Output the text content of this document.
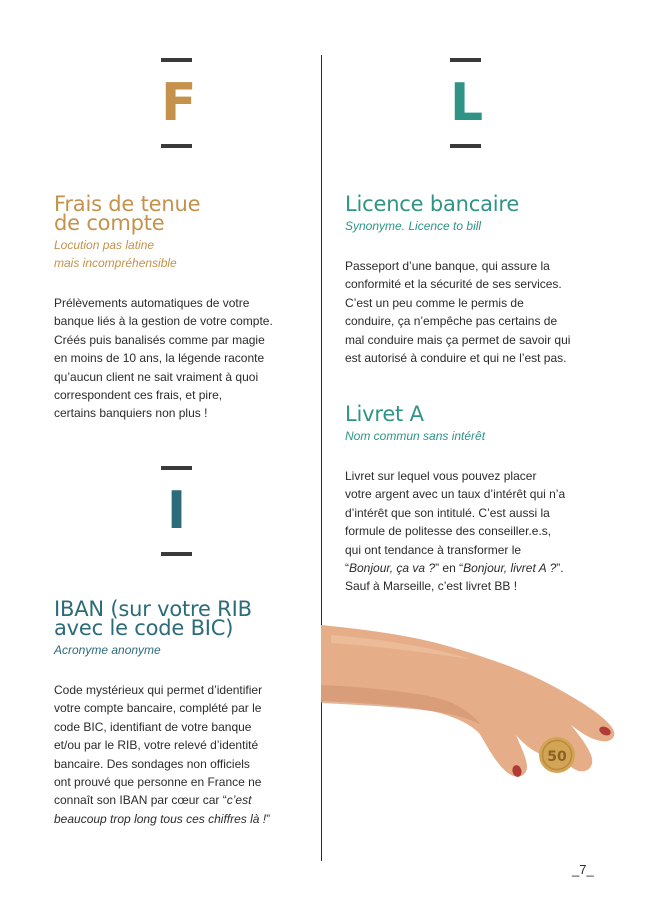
F	L
I
Frais de tenue
de compte

Locution pas latine
mais incompréhensible

Prélèvements automatiques de votre
banque liés à la gestion de votre compte.
Créés puis banalisés comme par magie
en moins de 10 ans, la légende raconte
qu’aucun client ne sait vraiment à quoi
correspondent ces frais, et pire,
certains banquiers non plus !

Licence bancaire

Synonyme. Licence to bill

Passeport d’une banque, qui assure la
conformité et la sécurité de ses services.
C’est un peu comme le permis de
conduire, ça n’empêche pas certains de
mal conduire mais ça permet de savoir qui
est autorisé à conduire et qui ne l’est pas.

Livret A

Nom commun sans intérêt

Livret sur lequel vous pouvez placer
votre argent avec un taux d’intérêt qui n’a
d’intérêt que son intitulé. C’est aussi la
formule de politesse des conseiller.e.s,
qui ont tendance à transformer le
“Bonjour, ça va ?” en “Bonjour, livret A ?”.
Sauf à Marseille, c’est livret BB !

IBAN (sur votre RIB
avec le code BIC)

Acronyme anonyme

Code mystérieux qui permet d’identifier
votre compte bancaire, complété par le
code BIC, identifiant de votre banque
et/ou par le RIB, votre relevé d’identité
bancaire. Des sondages non officiels
ont prouvé que personne en France ne
connaît son IBAN par cœur car “c’est
beaucoup trop long tous ces chiffres là !”

50
_7_
